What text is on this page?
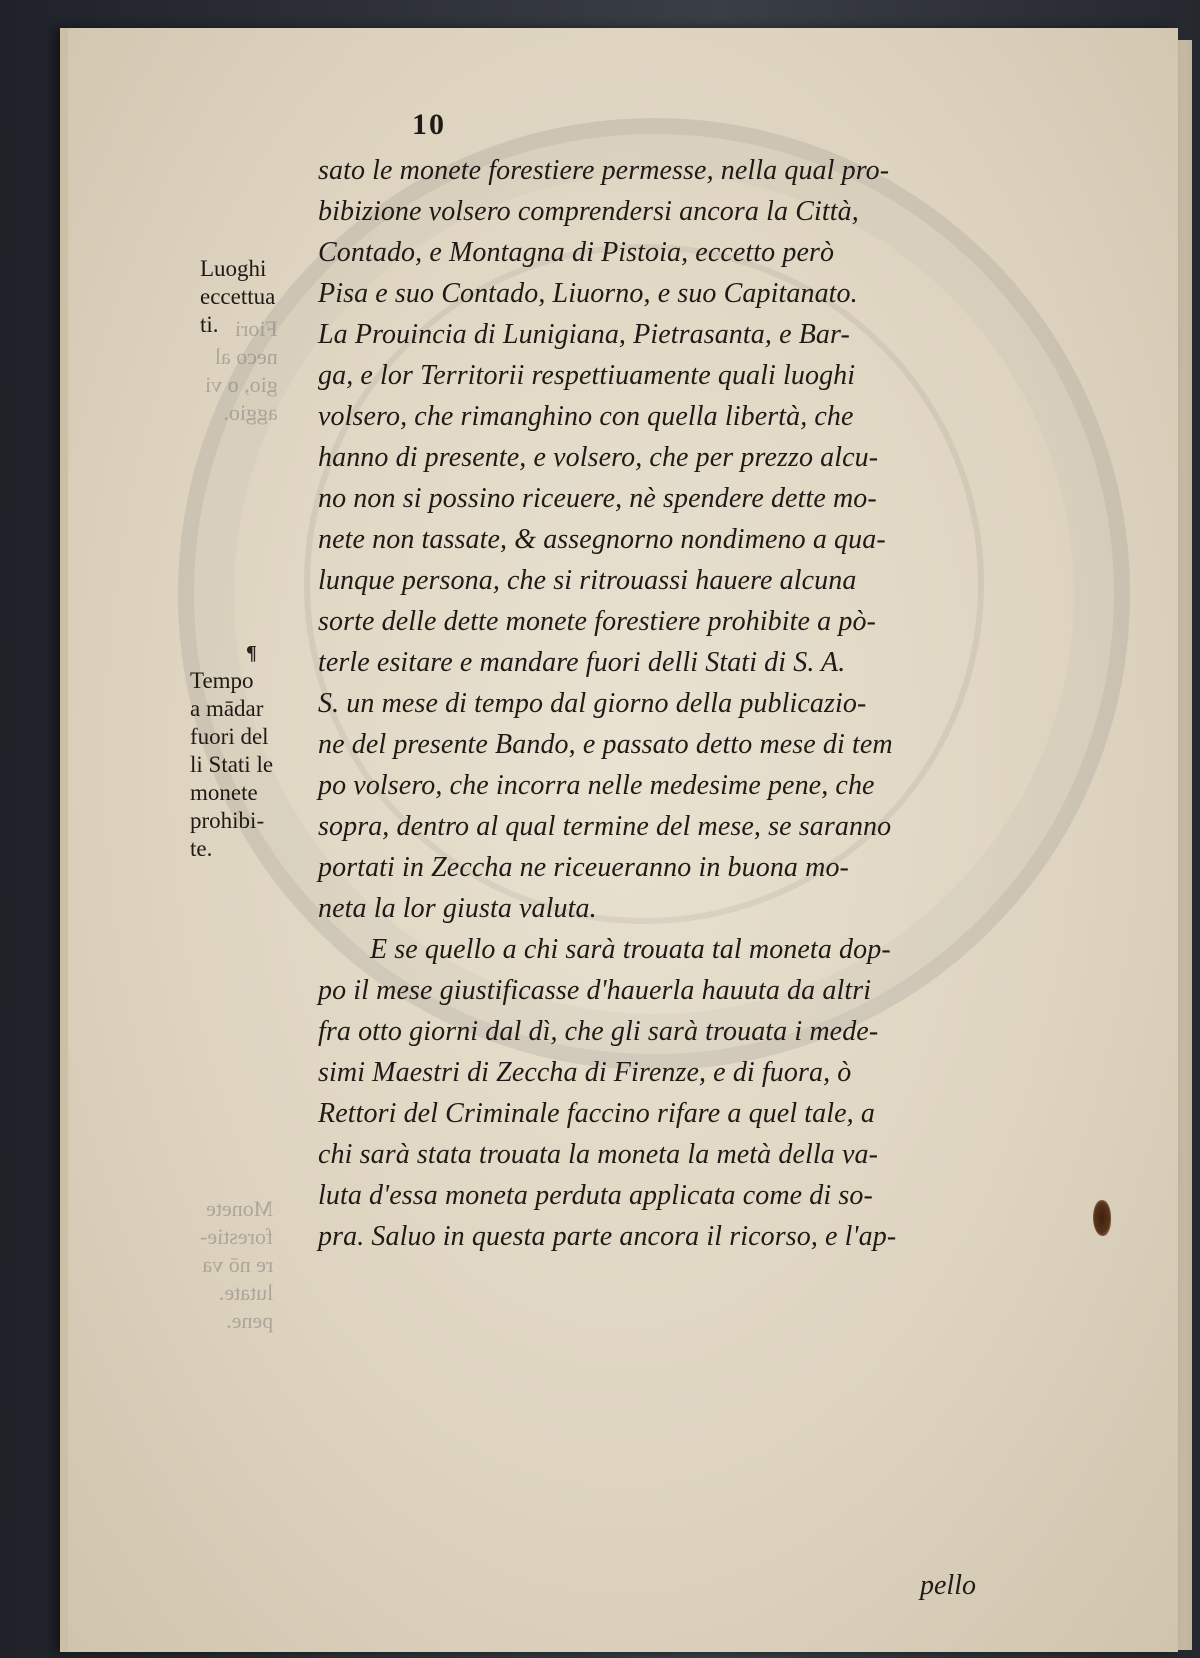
Fiori
neco al
gio, o vi
aggio.
Monete
forestie-
re nō va
lutate.
pene.
10
Luoghi
eccettua
ti.
¶
Tempo
a mādar
fuori del
li Stati le
monete
prohibi-
te.
sato le monete forestiere permesse, nella qual pro-
bibizione volsero comprendersi ancora la Città,
Contado, e Montagna di Pistoia, eccetto però
Pisa e suo Contado, Liuorno, e suo Capitanato.
La Prouincia di Lunigiana, Pietrasanta, e Bar-
ga, e lor Territorii respettiuamente quali luoghi
volsero, che rimanghino con quella libertà, che
hanno di presente, e volsero, che per prezzo alcu-
no non si possino riceuere, nè spendere dette mo-
nete non tassate, & assegnorno nondimeno a qua-
lunque persona, che si ritrouassi hauere alcuna
sorte delle dette monete forestiere prohibite a pò-
terle esitare e mandare fuori delli Stati di S. A.
S. un mese di tempo dal giorno della publicazio-
ne del presente Bando, e passato detto mese di tem
po volsero, che incorra nelle medesime pene, che
sopra, dentro al qual termine del mese, se saranno
portati in Zeccha ne riceueranno in buona mo-
neta la lor giusta valuta.
E se quello a chi sarà trouata tal moneta dop-
po il mese giustificasse d'hauerla hauuta da altri
fra otto giorni dal dì, che gli sarà trouata i mede-
simi Maestri di Zeccha di Firenze, e di fuora, ò
Rettori del Criminale faccino rifare a quel tale, a
chi sarà stata trouata la moneta la metà della va-
luta d'essa moneta perduta applicata come di so-
pra. Saluo in questa parte ancora il ricorso, e l'ap-
pello
